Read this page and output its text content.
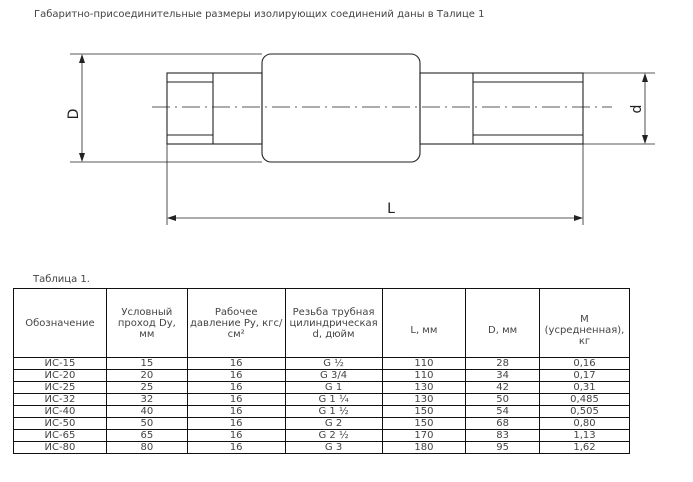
Габаритно-присоединительные размеры изолирующих соединений даны в Талице 1
D	d
L
Таблица 1.
Обозначение	Условный проход Dу, мм	Рабочее давление Ру, кгс/см²	Резьба трубная цилиндрическая d, дюйм	L, мм	D, мм	M (усредненная), кг
ИС-15	15	16	G ½	110	28	0,16
ИС-20	20	16	G 3/4	110	34	0,17
ИС-25	25	16	G 1	130	42	0,31
ИС-32	32	16	G 1 ¼	130	50	0,485
ИС-40	40	16	G 1 ½	150	54	0,505
ИС-50	50	16	G 2	150	68	0,80
ИС-65	65	16	G 2 ½	170	83	1,13
ИС-80	80	16	G 3	180	95	1,62
